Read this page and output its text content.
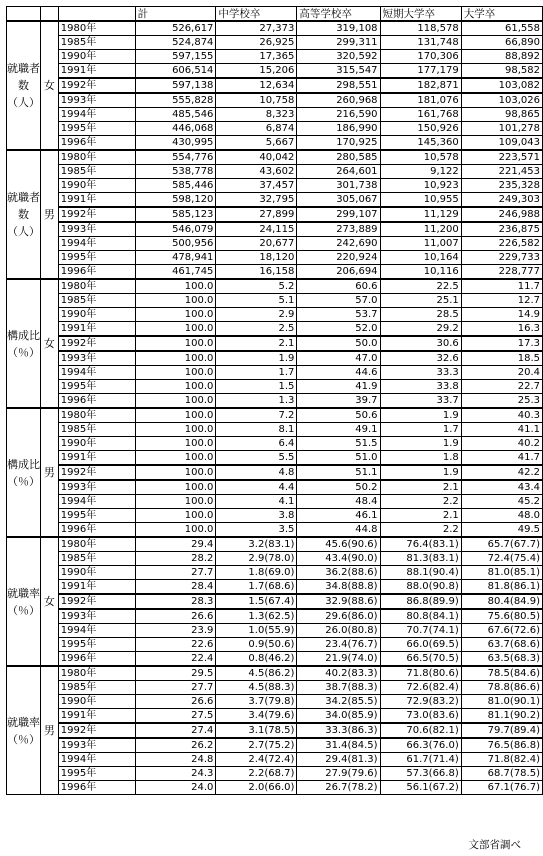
			計	中学校卒	高等学校卒	短期大学卒	大学卒
就職者数（人）	女	1980年	526,617	27,373	319,108	118,578	61,558
		1985年	524,874	26,925	299,311	131,748	66,890
		1990年	597,155	17,365	320,592	170,306	88,892
		1991年	606,514	15,206	315,547	177,179	98,582
		1992年	597,138	12,634	298,551	182,871	103,082
		1993年	555,828	10,758	260,968	181,076	103,026
		1994年	485,546	8,323	216,590	161,768	98,865
		1995年	446,068	6,874	186,990	150,926	101,278
		1996年	430,995	5,667	170,925	145,360	109,043
就職者数（人）	男	1980年	554,776	40,042	280,585	10,578	223,571
		1985年	538,778	43,602	264,601	9,122	221,453
		1990年	585,446	37,457	301,738	10,923	235,328
		1991年	598,120	32,795	305,067	10,955	249,303
		1992年	585,123	27,899	299,107	11,129	246,988
		1993年	546,079	24,115	273,889	11,200	236,875
		1994年	500,956	20,677	242,690	11,007	226,582
		1995年	478,941	18,120	220,924	10,164	229,733
		1996年	461,745	16,158	206,694	10,116	228,777
構成比（％）	女	1980年	100.0	5.2	60.6	22.5	11.7
		1985年	100.0	5.1	57.0	25.1	12.7
		1990年	100.0	2.9	53.7	28.5	14.9
		1991年	100.0	2.5	52.0	29.2	16.3
		1992年	100.0	2.1	50.0	30.6	17.3
		1993年	100.0	1.9	47.0	32.6	18.5
		1994年	100.0	1.7	44.6	33.3	20.4
		1995年	100.0	1.5	41.9	33.8	22.7
		1996年	100.0	1.3	39.7	33.7	25.3
構成比（％）	男	1980年	100.0	7.2	50.6	1.9	40.3
		1985年	100.0	8.1	49.1	1.7	41.1
		1990年	100.0	6.4	51.5	1.9	40.2
		1991年	100.0	5.5	51.0	1.8	41.7
		1992年	100.0	4.8	51.1	1.9	42.2
		1993年	100.0	4.4	50.2	2.1	43.4
		1994年	100.0	4.1	48.4	2.2	45.2
		1995年	100.0	3.8	46.1	2.1	48.0
		1996年	100.0	3.5	44.8	2.2	49.5
就職率（％）	女	1980年	29.4	3.2(83.1)	45.6(90.6)	76.4(83.1)	65.7(67.7)
		1985年	28.2	2.9(78.0)	43.4(90.0)	81.3(83.1)	72.4(75.4)
		1990年	27.7	1.8(69.0)	36.2(88.6)	88.1(90.4)	81.0(85.1)
		1991年	28.4	1.7(68.6)	34.8(88.8)	88.0(90.8)	81.8(86.1)
		1992年	28.3	1.5(67.4)	32.9(88.6)	86.8(89.9)	80.4(84.9)
		1993年	26.6	1.3(62.5)	29.6(86.0)	80.8(84.1)	75.6(80.5)
		1994年	23.9	1.0(55.9)	26.0(80.8)	70.7(74.1)	67.6(72.6)
		1995年	22.6	0.9(50.6)	23.4(76.7)	66.0(69.5)	63.7(68.6)
		1996年	22.4	0.8(46.2)	21.9(74.0)	66.5(70.5)	63.5(68.3)
就職率（％）	男	1980年	29.5	4.5(86.2)	40.2(83.3)	71.8(80.6)	78.5(84.6)
		1985年	27.7	4.5(88.3)	38.7(88.3)	72.6(82.4)	78.8(86.6)
		1990年	26.6	3.7(79.8)	34.2(85.5)	72.9(83.2)	81.0(90.1)
		1991年	27.5	3.4(79.6)	34.0(85.9)	73.0(83.6)	81.1(90.2)
		1992年	27.4	3.1(78.5)	33.3(86.3)	70.6(82.1)	79.7(89.4)
		1993年	26.2	2.7(75.2)	31.4(84.5)	66.3(76.0)	76.5(86.8)
		1994年	24.8	2.4(72.4)	29.4(81.3)	61.7(71.4)	71.8(82.4)
		1995年	24.3	2.2(68.7)	27.9(79.6)	57.3(66.8)	68.7(78.5)
		1996年	24.0	2.0(66.0)	26.7(78.2)	56.1(67.2)	67.1(76.7)
文部省調べ
